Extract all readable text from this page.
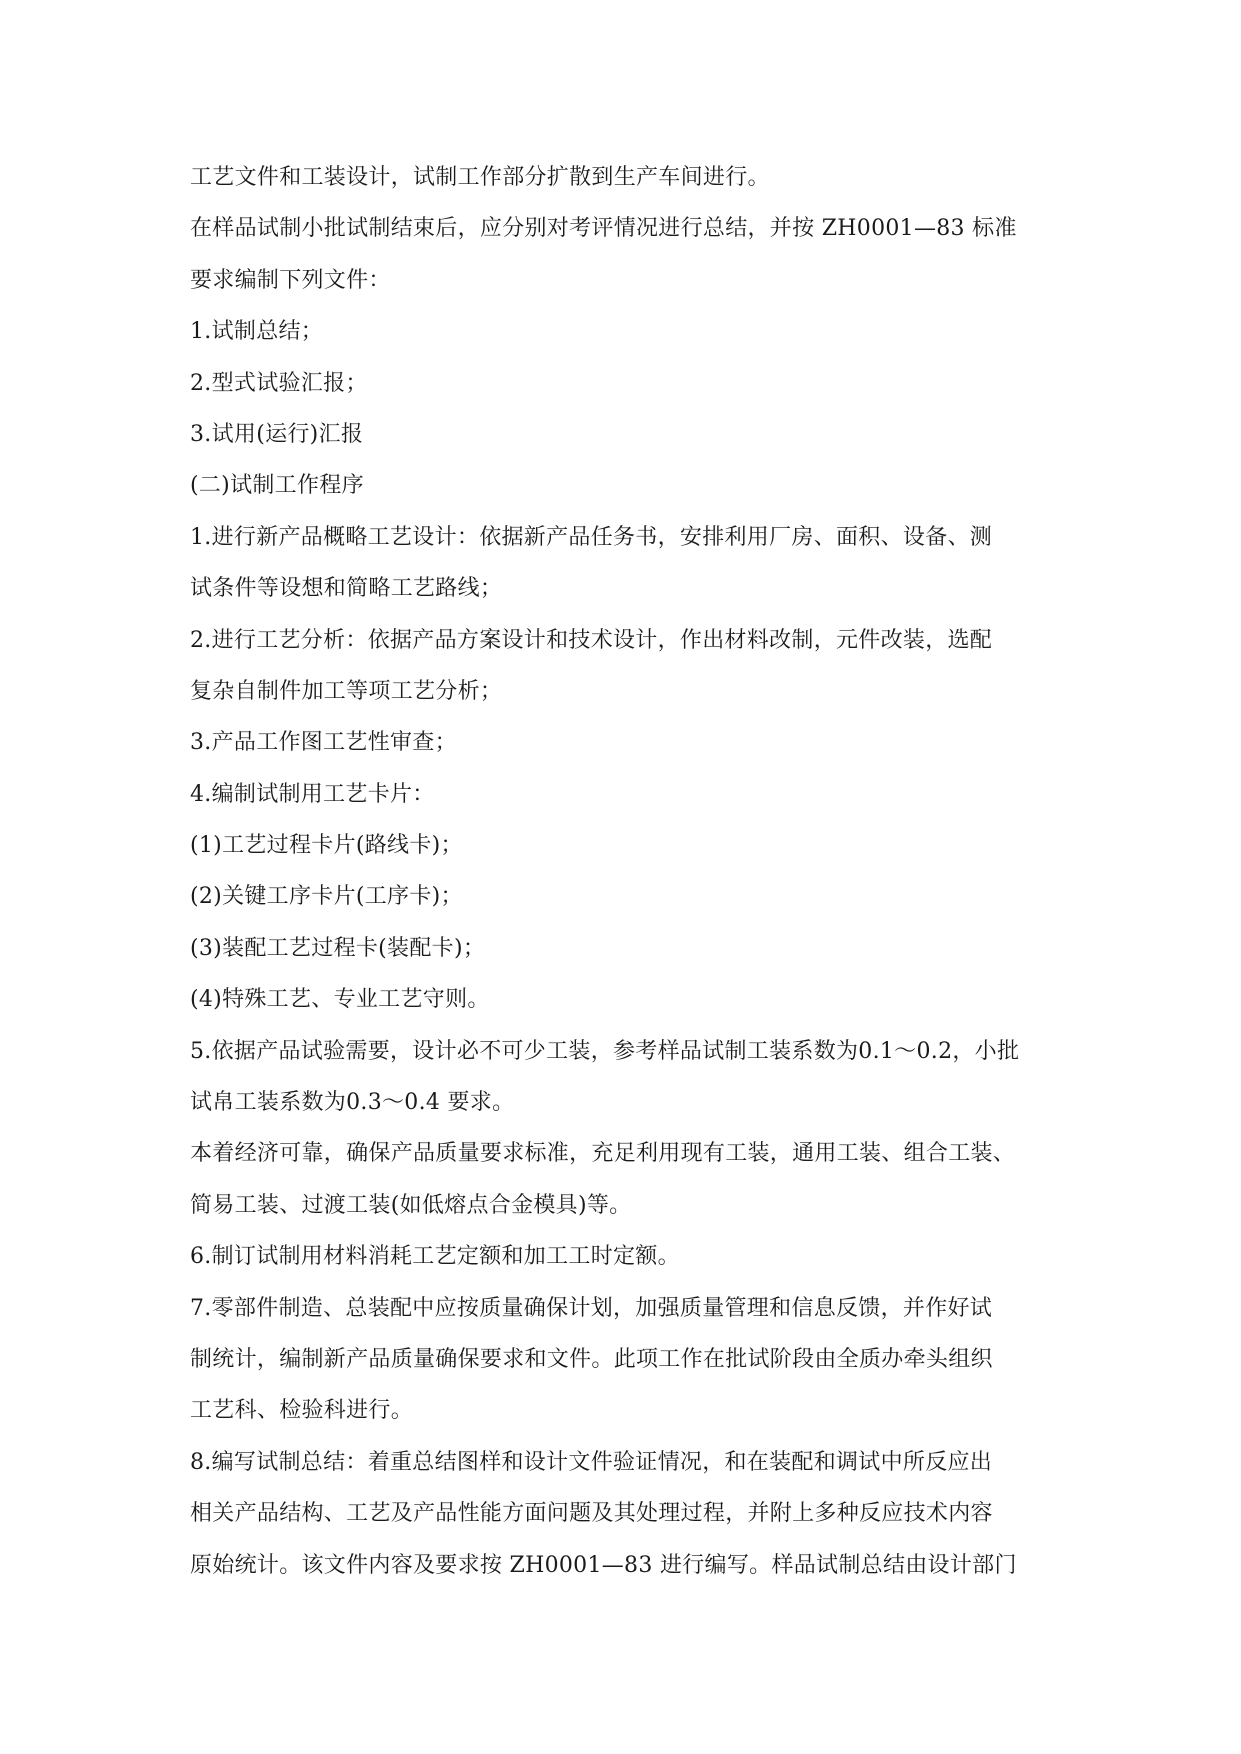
工艺文件和工装设计，试制工作部分扩散到生产车间进行。
在样品试制小批试制结束后，应分别对考评情况进行总结，并按 ZH0001—83 标准
要求编制下列文件：
1.试制总结；
2.型式试验汇报；
3.试用(运行)汇报
(二)试制工作程序
1.进行新产品概略工艺设计：依据新产品任务书，安排利用厂房、面积、设备、测
试条件等设想和简略工艺路线；
2.进行工艺分析：依据产品方案设计和技术设计，作出材料改制，元件改装，选配
复杂自制件加工等项工艺分析；
3.产品工作图工艺性审查；
4.编制试制用工艺卡片：
(1)工艺过程卡片(路线卡)；
(2)关键工序卡片(工序卡)；
(3)装配工艺过程卡(装配卡)；
(4)特殊工艺、专业工艺守则。
5.依据产品试验需要，设计必不可少工装，参考样品试制工装系数为0.1～0.2，小批
试帛工装系数为0.3～0.4 要求。
本着经济可靠，确保产品质量要求标准，充足利用现有工装，通用工装、组合工装、
简易工装、过渡工装(如低熔点合金模具)等。
6.制订试制用材料消耗工艺定额和加工工时定额。
7.零部件制造、总装配中应按质量确保计划，加强质量管理和信息反馈，并作好试
制统计，编制新产品质量确保要求和文件。此项工作在批试阶段由全质办牵头组织
工艺科、检验科进行。
8.编写试制总结：着重总结图样和设计文件验证情况，和在装配和调试中所反应出
相关产品结构、工艺及产品性能方面问题及其处理过程，并附上多种反应技术内容
原始统计。该文件内容及要求按 ZH0001—83 进行编写。样品试制总结由设计部门
